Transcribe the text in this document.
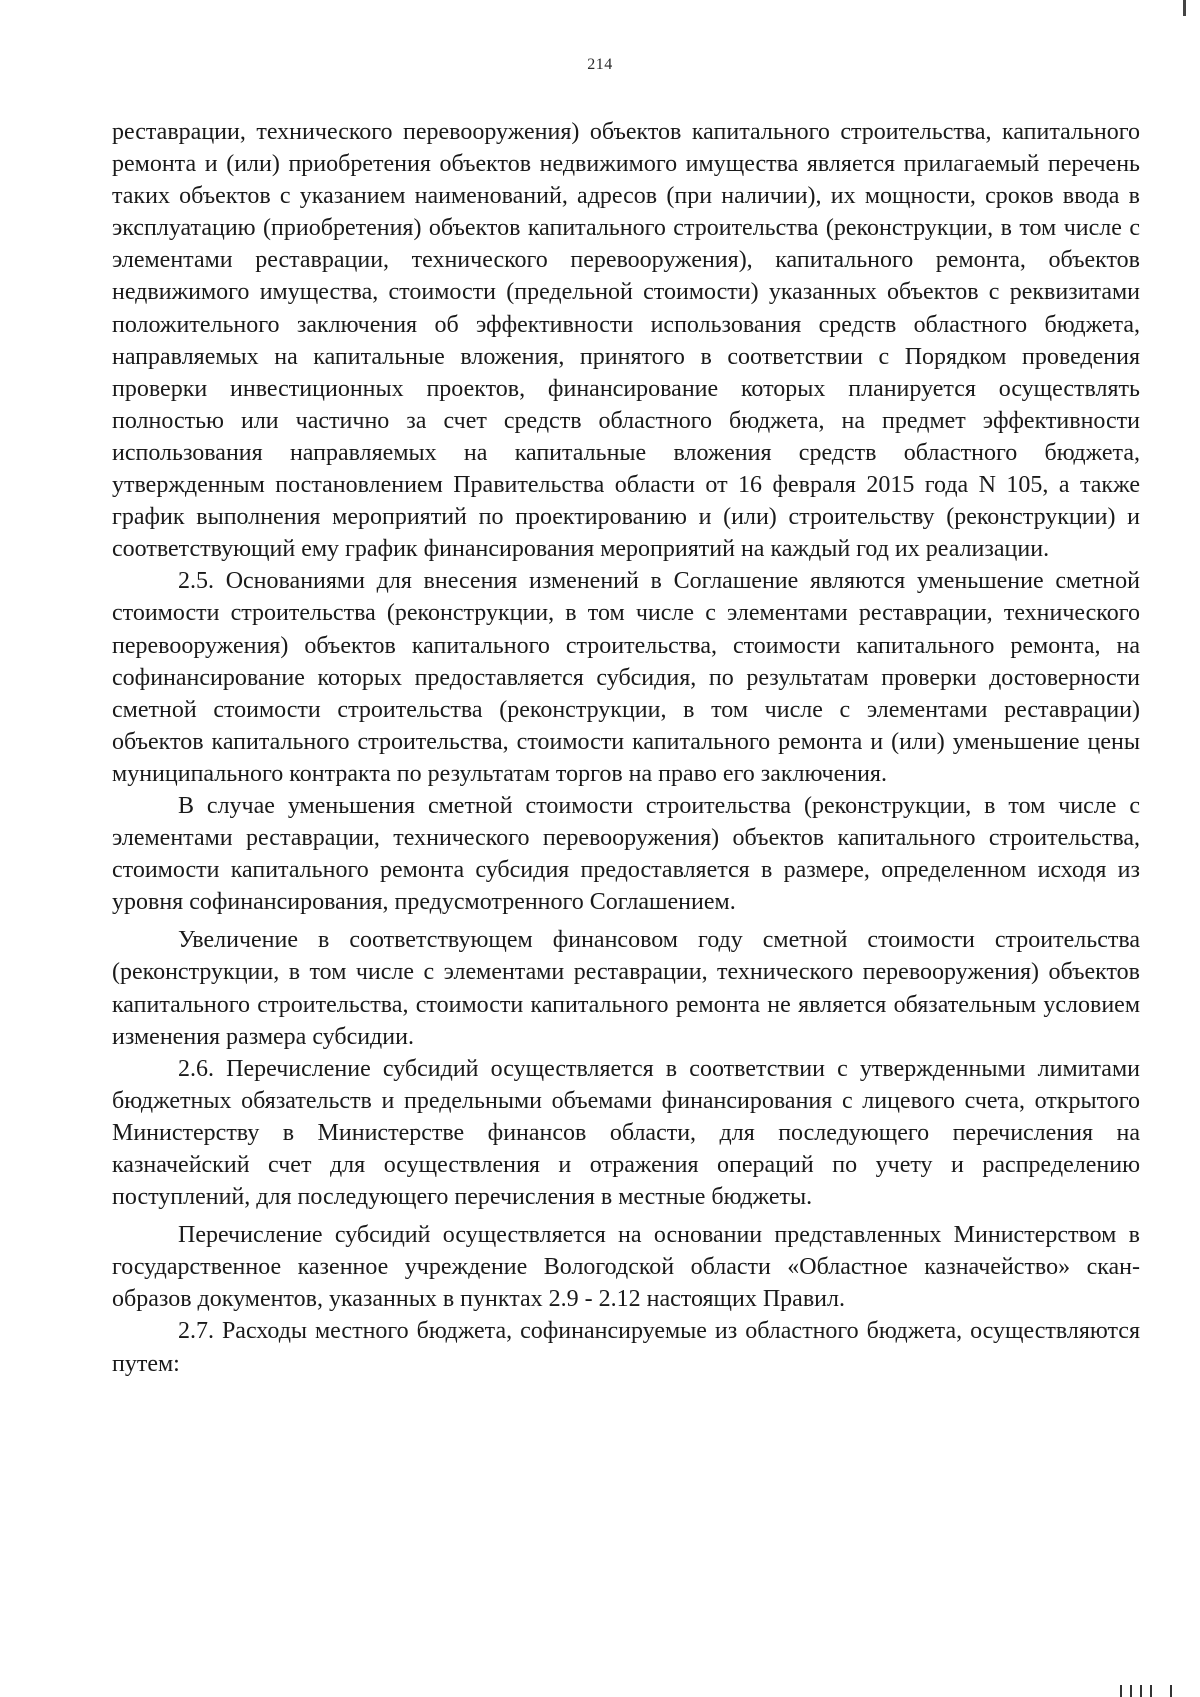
214

реставрации, технического перевооружения) объектов капитального строительства, капитального ремонта и (или) приобретения объектов недвижимого имущества является прилагаемый перечень таких объектов с указанием наименований, адресов (при наличии), их мощности, сроков ввода в эксплуатацию (приобретения) объектов капитального строительства (реконструкции, в том числе с элементами реставрации, технического перевооружения), капитального ремонта, объектов недвижимого имущества, стоимости (предельной стоимости) указанных объектов с реквизитами положительного заключения об эффективности использования средств областного бюджета, направляемых на капитальные вложения, принятого в соответствии с Порядком проведения проверки инвестиционных проектов, финансирование которых планируется осуществлять полностью или частично за счет средств областного бюджета, на предмет эффективности использования направляемых на капитальные вложения средств областного бюджета, утвержденным постановлением Правительства области от 16 февраля 2015 года N 105, а также график выполнения мероприятий по проектированию и (или) строительству (реконструкции) и соответствующий ему график финансирования мероприятий на каждый год их реализации.

2.5. Основаниями для внесения изменений в Соглашение являются уменьшение сметной стоимости строительства (реконструкции, в том числе с элементами реставрации, технического перевооружения) объектов капитального строительства, стоимости капитального ремонта, на софинансирование которых предоставляется субсидия, по результатам проверки достоверности сметной стоимости строительства (реконструкции, в том числе с элементами реставрации) объектов капитального строительства, стоимости капитального ремонта и (или) уменьшение цены муниципального контракта по результатам торгов на право его заключения.

В случае уменьшения сметной стоимости строительства (реконструкции, в том числе с элементами реставрации, технического перевооружения) объектов капитального строительства, стоимости капитального ремонта субсидия предоставляется в размере, определенном исходя из уровня софинансирования, предусмотренного Соглашением.

Увеличение в соответствующем финансовом году сметной стоимости строительства (реконструкции, в том числе с элементами реставрации, технического перевооружения) объектов капитального строительства, стоимости капитального ремонта не является обязательным условием изменения размера субсидии.

2.6. Перечисление субсидий осуществляется в соответствии с утвержденными лимитами бюджетных обязательств и предельными объемами финансирования с лицевого счета, открытого Министерству в Министерстве финансов области, для последующего перечисления на казначейский счет для осуществления и отражения операций по учету и распределению поступлений, для последующего перечисления в местные бюджеты.

Перечисление субсидий осуществляется на основании представленных Министерством в государственное казенное учреждение Вологодской области «Областное казначейство» скан-образов документов, указанных в пунктах 2.9 - 2.12 настоящих Правил.

2.7. Расходы местного бюджета, софинансируемые из областного бюджета, осуществляются путем:
